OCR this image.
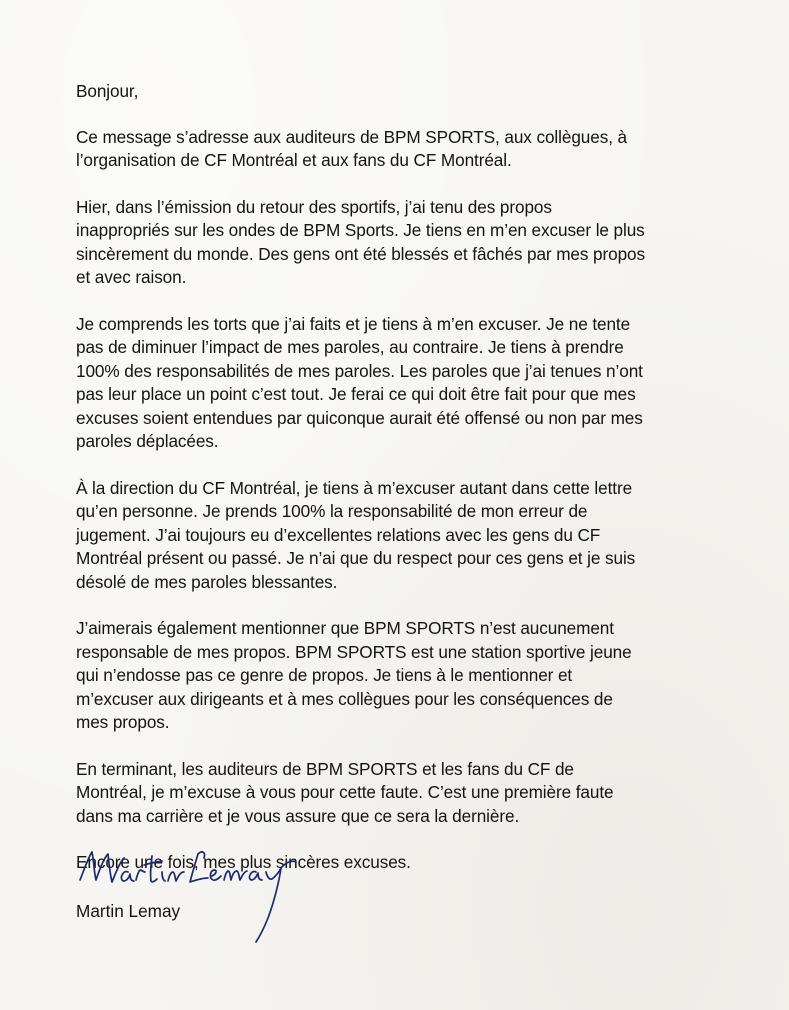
Bonjour,

Ce message s’adresse aux auditeurs de BPM SPORTS, aux collègues, à
l’organisation de CF Montréal et aux fans du CF Montréal.

Hier, dans l’émission du retour des sportifs, j’ai tenu des propos
inappropriés sur les ondes de BPM Sports. Je tiens en m’en excuser le plus
sincèrement du monde. Des gens ont été blessés et fâchés par mes propos
et avec raison.

Je comprends les torts que j’ai faits et je tiens à m’en excuser. Je ne tente
pas de diminuer l’impact de mes paroles, au contraire. Je tiens à prendre
100% des responsabilités de mes paroles. Les paroles que j’ai tenues n’ont
pas leur place un point c’est tout. Je ferai ce qui doit être fait pour que mes
excuses soient entendues par quiconque aurait été offensé ou non par mes
paroles déplacées.

À la direction du CF Montréal, je tiens à m’excuser autant dans cette lettre
qu’en personne. Je prends 100% la responsabilité de mon erreur de
jugement. J’ai toujours eu d’excellentes relations avec les gens du CF
Montréal présent ou passé. Je n’ai que du respect pour ces gens et je suis
désolé de mes paroles blessantes.

J’aimerais également mentionner que BPM SPORTS n’est aucunement
responsable de mes propos. BPM SPORTS est une station sportive jeune
qui n’endosse pas ce genre de propos. Je tiens à le mentionner et
m’excuser aux dirigeants et à mes collègues pour les conséquences de
mes propos.

En terminant, les auditeurs de BPM SPORTS et les fans du CF de
Montréal, je m’excuse à vous pour cette faute. C’est une première faute
dans ma carrière et je vous assure que ce sera la dernière.

Encore une fois, mes plus sincères excuses.

Martin Lemay
